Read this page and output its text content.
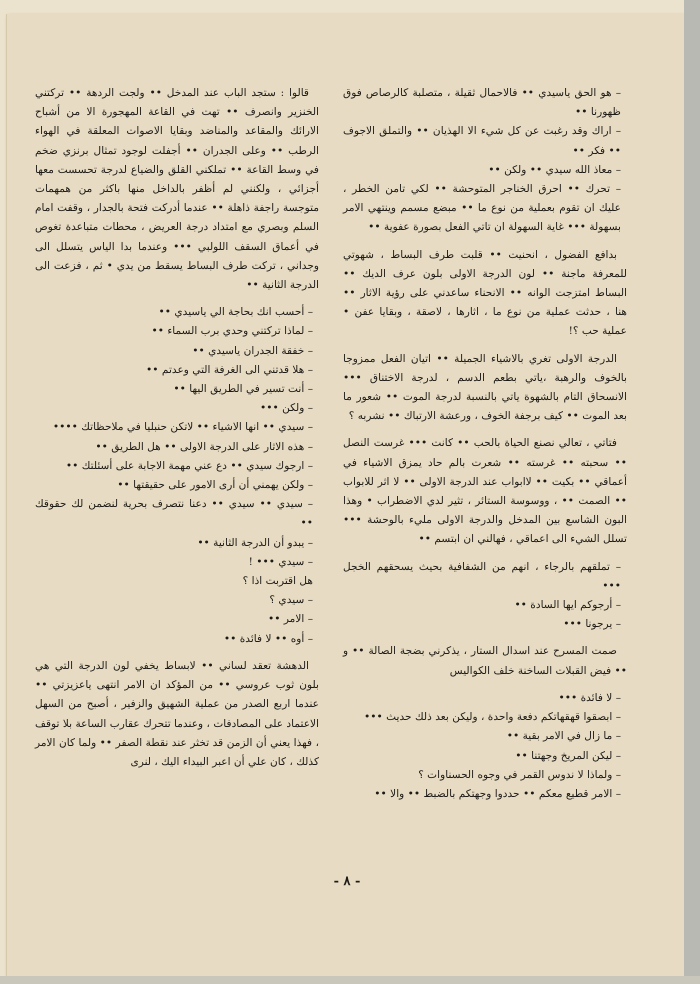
– هو الحق ياسيدي •• فالاحمال ثقيلة ، متصلبة كالرصاص فوق ظهورنا ••

– اراك وقد رغبت عن كل شيء الا الهذيان •• والتملق الاجوف •• فكر ••

– معاذ الله سيدي •• ولكن ••

– تحرك •• احرق الخناجر المتوحشة •• لكي تامن الخطر ، عليك ان تقوم بعملية من نوع ما •• مبضع مسمم وينتهي الامر بسهولة ••• غاية السهولة ان تاتي الفعل بصورة عفوية ••

بدافع الفضول ، انحنيت •• قلبت طرف البساط ، شهوتي للمعرفة ماجنة •• لون الدرجة الاولى بلون عرف الديك •• البساط امتزجت الوانه •• الانحناء ساعدني على رؤية الاثار •• هنا ، حدثت عملية من نوع ما ، اثارها ، لاصقة ، وبقايا عفن • عملية حب ؟!

الدرجة الاولى تغري بالاشياء الجميلة •• اتيان الفعل ممزوجا بالخوف والرهبة ،ياتي بطعم الدسم ، لدرجة الاختناق ••• الانسحاق التام بالشهوة ياتي بالنسبة لدرجة الموت •• شعور ما بعد الموت •• كيف برجفة الخوف ، ورعشة الارتباك •• نشربه ؟

فتاتي ، تعالي نصنع الحياة بالحب •• كانت ••• غرست النصل •• سحبته •• غرسته •• شعرت بالم حاد يمزق الاشياء في أعماقي •• بكيت •• لاابواب عند الدرجة الاولى •• لا اثر للابواب •• الصمت •• ، ووسوسة الستائر ، تثير لدي الاضطراب • وهذا البون الشاسع بين المدخل والدرجة الاولى مليء بالوحشة ••• تسلل الشيء الى اعماقي ، فهالني ان ابتسم ••

– تملقهم بالرجاء ، انهم من الشفافية بحيث يسحقهم الخجل •••

– أرجوكم ايها السادة ••

– يرجونا •••

صمت المسرح عند اسدال الستار ، يذكرني بضجة الصالة •• و •• فيض القبلات الساخنة خلف الكواليس

– لا فائدة •••

– ابصقوا قهقهاتكم دفعة واحدة ، وليكن بعد ذلك حديث •••

– ما زال في الامر بقية ••

– ليكن المريخ وجهتنا ••

– ولماذا لا ندوس القمر في وجوه الحسناوات ؟

– الامر قطيع معكم •• حددوا وجهتكم بالضبط •• والا ••

قالوا : ستجد الباب عند المدخل •• ولجت الردهة •• تركتني الخنزير وانصرف •• تهت في القاعة المهجورة الا من أشباح الارائك والمقاعد والمناضد وبقايا الاصوات المعلقة في الهواء الرطب •• وعلى الجدران •• أجفلت لوجود تمثال برنزي ضخم في وسط القاعة •• تملكني القلق والضياع لدرجة تحسست معها أجزائي ، ولكنني لم أظفر بالداخل منها باكثر من همهمات متوجسة راجفة ذاهلة •• عندما أدركت فتحة بالجدار ، وقفت امام السلم وبصري مع امتداد درجة العريض ، محطات متباعدة تغوص في أعماق السقف اللولبي ••• وعندما بدا الياس يتسلل الى وجداني ، تركت طرف البساط يسقط من يدي • ثم ، فزعت الى الدرجة الثانية ••

– أحسب انك بحاجة الي ياسيدي ••

– لماذا تركتني وحدي برب السماء ••

– خفقة الجدران ياسيدي ••

– هلا قدتني الى الغرفة التي وعدتم ••

– أنت تسير في الطريق اليها ••

– ولكن •••

– سيدي •• انها الاشياء •• لاتكن حنبليا في ملاحظاتك ••••

– هذه الاثار على الدرجة الاولى •• هل الطريق ••

– ارجوك سيدي •• دع عني مهمة الاجابة على أسئلتك ••

– ولكن يهمني أن أرى الامور على حقيقتها ••

– سيدي •• سيدي •• دعنا نتصرف بحرية لنضمن لك حقوقك ••

– يبدو أن الدرجة الثانية ••

– سيدي ••• !

هل اقتربت اذا ؟

– سيدي ؟

– الامر ••

– أوه •• لا فائدة ••

الدهشة تعقد لساني •• لابساط يخفي لون الدرجة التي هي بلون ثوب عروسي •• من المؤكد ان الامر انتهى ياعزيزتي •• عندما اربع الصدر من عملية الشهيق والزفير ، أصبح من السهل الاعتماد على المصادفات ، وعندما تتحرك عقارب الساعة بلا توقف ، فهذا يعني أن الزمن قد تخثر عند نقطة الصفر •• ولما كان الامر كذلك ، كان علي أن اعبر البيداء اليك ، لنرى

- ٨ -
